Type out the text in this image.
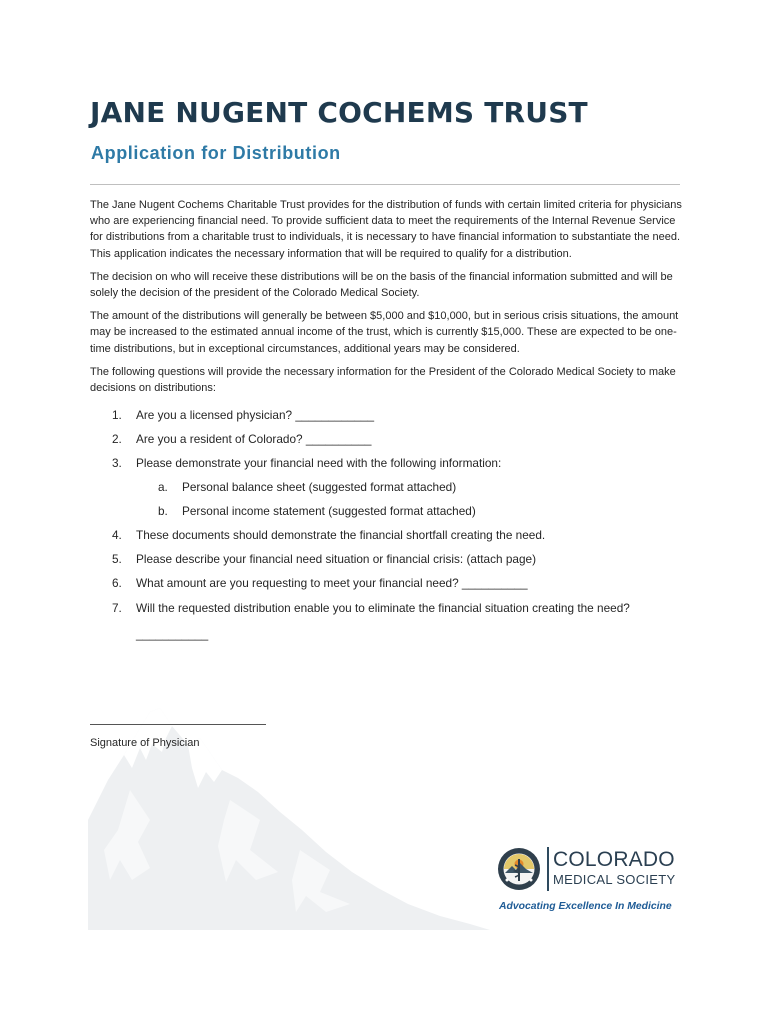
JANE NUGENT COCHEMS TRUST
Application for Distribution

The Jane Nugent Cochems Charitable Trust provides for the distribution of funds with certain limited criteria for physicians who are experiencing financial need. To provide sufficient data to meet the requirements of the Internal Revenue Service for distributions from a charitable trust to individuals, it is necessary to have financial information to substantiate the need. This application indicates the necessary information that will be required to qualify for a distribution.

The decision on who will receive these distributions will be on the basis of the financial information submitted and will be solely the decision of the president of the Colorado Medical Society.

The amount of the distributions will generally be between $5,000 and $10,000, but in serious crisis situations, the amount may be increased to the estimated annual income of the trust, which is currently $15,000. These are expected to be one-time distributions, but in exceptional circumstances, additional years may be considered.

The following questions will provide the necessary information for the President of the Colorado Medical Society to make decisions on distributions:

1. Are you a licensed physician? ____________
2. Are you a resident of Colorado? __________
3. Please demonstrate your financial need with the following information:
a. Personal balance sheet (suggested format attached)
b. Personal income statement (suggested format attached)
4. These documents should demonstrate the financial shortfall creating the need.
5. Please describe your financial need situation or financial crisis: (attach page)
6. What amount are you requesting to meet your financial need? __________
7. Will the requested distribution enable you to eliminate the financial situation creating the need? ___________
Signature of Physician
COLORADO
MEDICAL SOCIETY
Advocating Excellence In Medicine
